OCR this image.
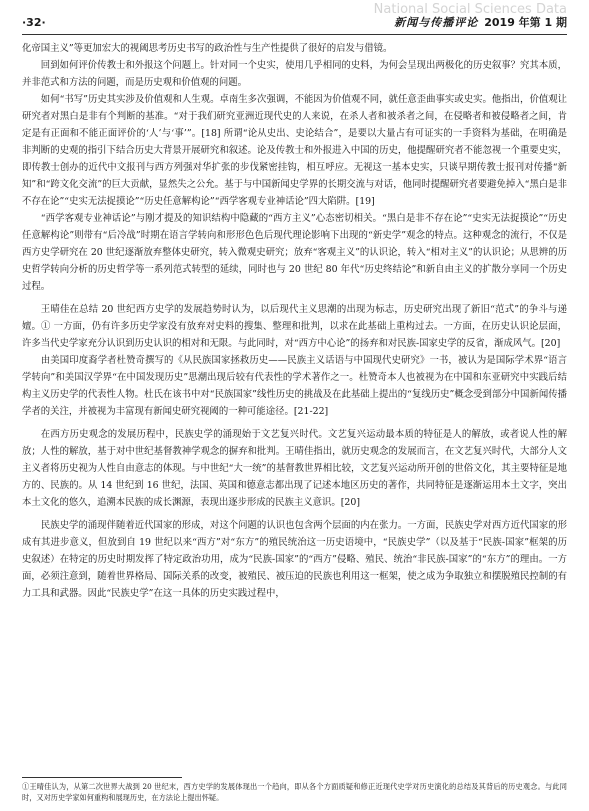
·32·
National Social Sciences Data
新闻与传播评论 2019 年第 1 期

化帝国主义”等更加宏大的视阈思考历史书写的政治性与生产性提供了很好的启发与借镜。

回到如何评价传教士和外报这个问题上。针对同一个史实，使用几乎相同的史料，为何会呈现出两极化的历史叙事？究其本质，并非范式和方法的问题，而是历史观和价值观的问题。

如何“书写”历史其实涉及价值观和人生观。卓南生多次强调，不能因为价值观不同，就任意歪曲事实或史实。他指出，价值观让研究者对黑白是非有个判断的基准。“对于我们研究亚洲近现代史的人来说，在杀人者和被杀者之间，在侵略者和被侵略者之间，肯定是有正面和不能正面评价的‘人’与‘事’”。[18] 所谓“论从史出、史论结合”，是要以大量占有可证实的一手资料为基础，在明确是非判断的史观的指引下结合历史大背景开展研究和叙述。论及传教士和外报进入中国的历史，他提醒研究者不能忽视一个重要史实，即传教士创办的近代中文报刊与西方列强对华扩张的步伐紧密挂钩，相互呼应。无视这一基本史实，只谈早期传教士报刊对传播“新知”和“跨文化交流”的巨大贡献，显然失之公允。基于与中国新闻史学界的长期交流与对话，他同时提醒研究者要避免掉入“黑白是非不存在论”“史实无法捉摸论”“历史任意解构论”“西学客观专业神话论”四大陷阱。[19]

“西学客观专业神话论”与刚才提及的知识结构中隐藏的“西方主义”心态密切相关。“黑白是非不存在论”“史实无法捉摸论”“历史任意解构论”则带有“后冷战”时期在语言学转向和形形色色后现代理论影响下出现的“新史学”观念的特点。这种观念的流行，不仅是西方史学研究在 20 世纪逐渐放弃整体史研究，转入微观史研究；放弃“客观主义”的认识论，转入“相对主义”的认识论；从思辨的历史哲学转向分析的历史哲学等一系列范式转型的延续，同时也与 20 世纪 80 年代“历史终结论”和新自由主义的扩散分享同一个历史过程。

王晴佳在总结 20 世纪西方史学的发展趋势时认为，以后现代主义思潮的出现为标志，历史研究出现了新旧“范式”的争斗与递嬗。① 一方面，仍有许多历史学家没有放弃对史料的搜集、整理和批判，以求在此基础上重构过去。一方面，在历史认识论层面，许多当代史学家充分认识到历史认识的相对和无限。与此同时，对“西方中心论”的扬弃和对民族-国家史学的反省，渐成风气。[20]

由美国印度裔学者杜赞奇撰写的《从民族国家拯救历史——民族主义话语与中国现代史研究》一书，被认为是国际学术界“语言学转向”和美国汉学界“在中国发现历史”思潮出现后较有代表性的学术著作之一。杜赞奇本人也被视为在中国和东亚研究中实践后结构主义历史学的代表性人物。杜氏在该书中对“民族国家”线性历史的挑战及在此基础上提出的“复线历史”概念受到部分中国新闻传播学者的关注，并被视为丰富现有新闻史研究视阈的一种可能途径。[21-22]

在西方历史观念的发展历程中，民族史学的涌现始于文艺复兴时代。文艺复兴运动最本质的特征是人的解放，或者说人性的解放；人性的解放，基于对中世纪基督教神学观念的摒弃和批判。王晴佳指出，就历史观念的发展而言，在文艺复兴时代，大部分人文主义者将历史视为人性自由意志的体现。与中世纪“大一统”的基督教世界相比较，文艺复兴运动所开创的世俗文化，其主要特征是地方的、民族的。从 14 世纪到 16 世纪，法国、英国和德意志都出现了记述本地区历史的著作，共同特征是逐渐运用本土文字，突出本土文化的悠久，追溯本民族的成长渊源，表现出逐步形成的民族主义意识。[20]

民族史学的涌现伴随着近代国家的形成，对这个问题的认识也包含两个层面的内在张力。一方面，民族史学对西方近代国家的形成有其进步意义，但放到自 19 世纪以来“西方”对“东方”的殖民统治这一历史语境中，“民族史学”（以及基于“民族-国家”框架的历史叙述）在特定的历史时期发挥了特定政治功用，成为“民族-国家”的“西方”侵略、殖民、统治“非民族-国家”的“东方”的理由。一方面，必须注意到，随着世界格局、国际关系的改变，被殖民、被压迫的民族也利用这一框架，使之成为争取独立和摆脱殖民控制的有力工具和武器。因此“民族史学”在这一具体的历史实践过程中，

①王晴佳认为，从第二次世界大战到 20 世纪末，西方史学的发展体现出一个趋向，即从各个方面质疑和修正近现代史学对历史演化的总结及其背后的历史观念。与此同时，又对历史学家如何重构和展现历史，在方法论上提出怀疑。
